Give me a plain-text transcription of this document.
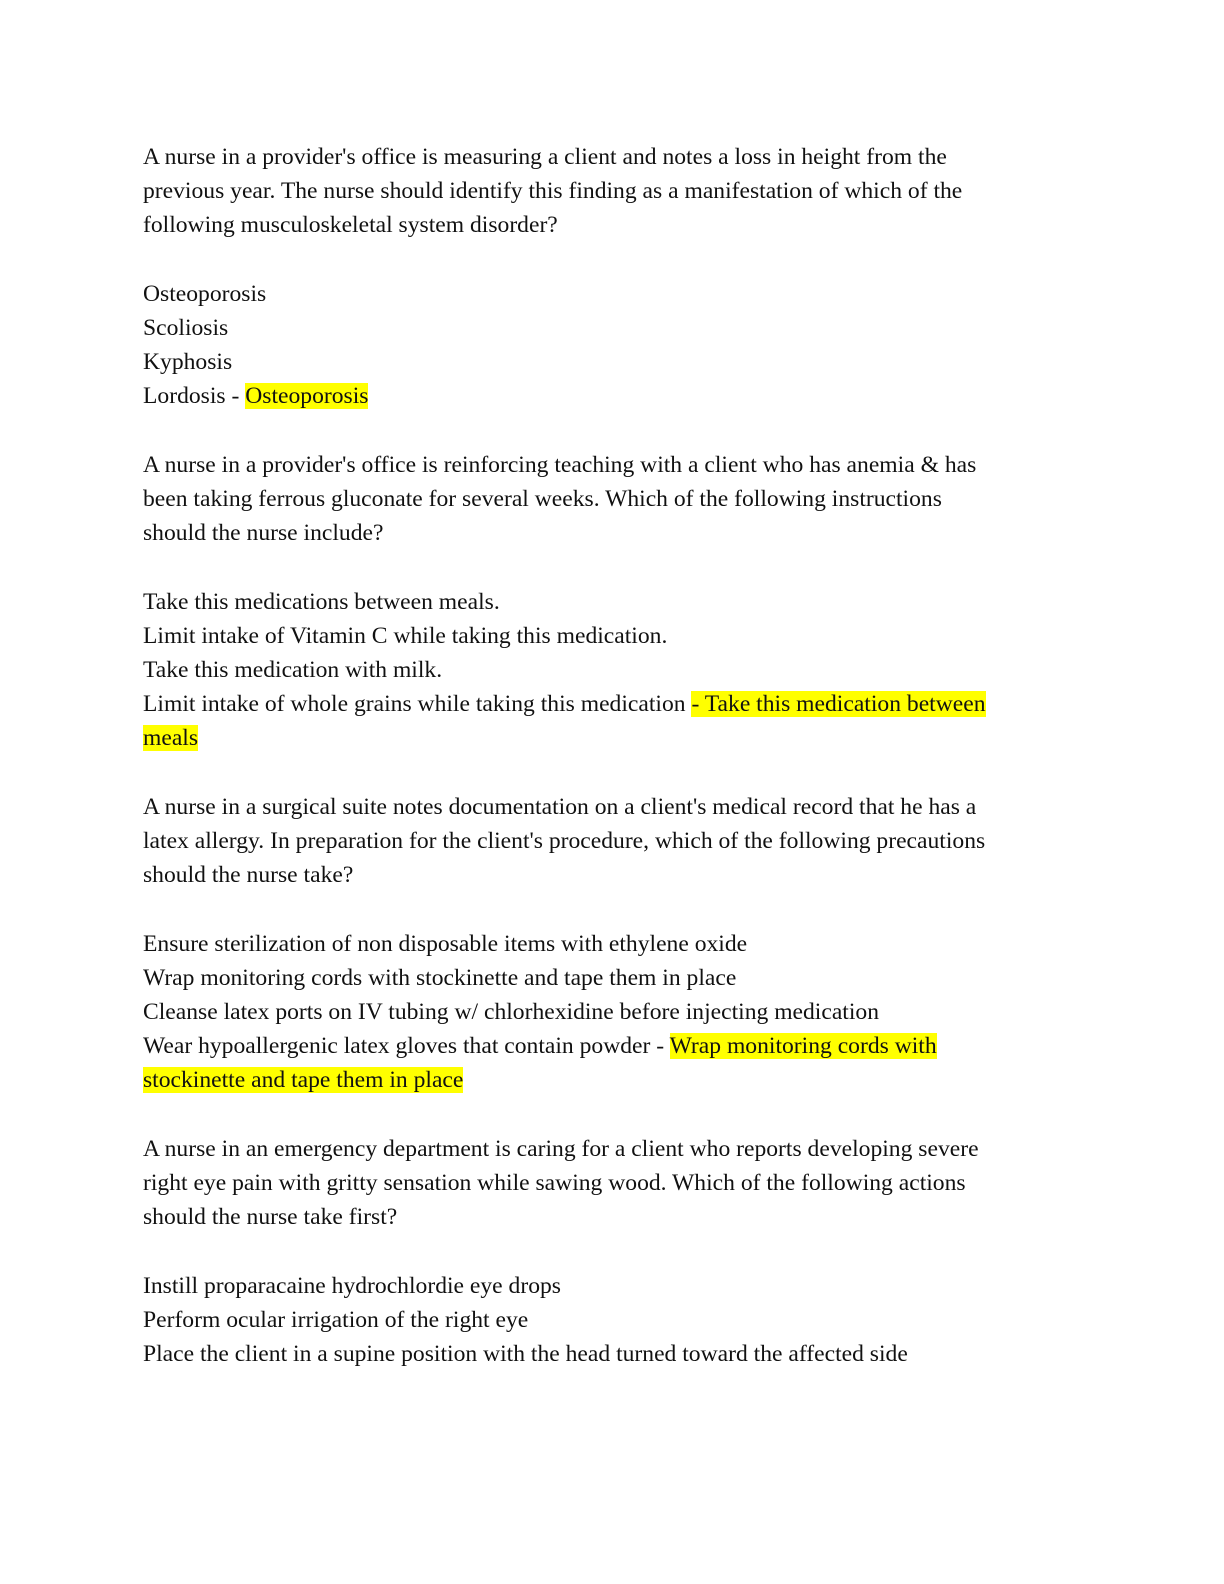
A nurse in a provider's office is measuring a client and notes a loss in height from the
previous year. The nurse should identify this finding as a manifestation of which of the
following musculoskeletal system disorder?
Osteoporosis
Scoliosis
Kyphosis
Lordosis - Osteoporosis
A nurse in a provider's office is reinforcing teaching with a client who has anemia & has
been taking ferrous gluconate for several weeks. Which of the following instructions
should the nurse include?
Take this medications between meals.
Limit intake of Vitamin C while taking this medication.
Take this medication with milk.
Limit intake of whole grains while taking this medication - Take this medication between
meals
A nurse in a surgical suite notes documentation on a client's medical record that he has a
latex allergy. In preparation for the client's procedure, which of the following precautions
should the nurse take?
Ensure sterilization of non disposable items with ethylene oxide
Wrap monitoring cords with stockinette and tape them in place
Cleanse latex ports on IV tubing w/ chlorhexidine before injecting medication
Wear hypoallergenic latex gloves that contain powder - Wrap monitoring cords with
stockinette and tape them in place
A nurse in an emergency department is caring for a client who reports developing severe
right eye pain with gritty sensation while sawing wood. Which of the following actions
should the nurse take first?
Instill proparacaine hydrochlordie eye drops
Perform ocular irrigation of the right eye
Place the client in a supine position with the head turned toward the affected side
